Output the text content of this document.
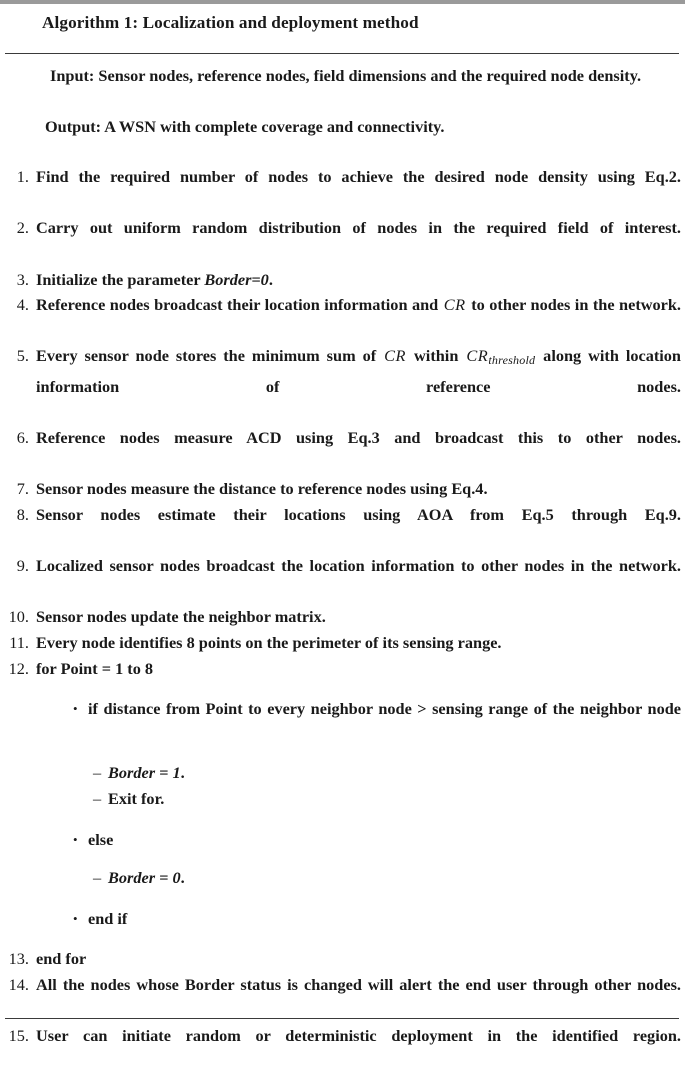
Algorithm 1: Localization and deployment method

Input: Sensor nodes, reference nodes, field dimensions and the required node density.

Output: A WSN with complete coverage and connectivity.

1. Find the required number of nodes to achieve the desired node density using Eq.2.
2. Carry out uniform random distribution of nodes in the required field of interest.
3. Initialize the parameter Border=0.
4. Reference nodes broadcast their location information and CR to other nodes in the network.
5. Every sensor node stores the minimum sum of CR within $CR_{threshold}$ along with location information of reference nodes.
6. Reference nodes measure ACD using Eq.3 and broadcast this to other nodes.
7. Sensor nodes measure the distance to reference nodes using Eq.4.
8. Sensor nodes estimate their locations using AOA from Eq.5 through Eq.9.
9. Localized sensor nodes broadcast the location information to other nodes in the network.
10. Sensor nodes update the neighbor matrix.
11. Every node identifies 8 points on the perimeter of its sensing range.
12. for Point = 1 to 8
• if distance from Point to every neighbor node > sensing range of the neighbor node
– Border = 1.
– Exit for.
• else
– Border = 0.
• end if
13. end for
14. All the nodes whose Border status is changed will alert the end user through other nodes.
15. User can initiate random or deterministic deployment in the identified region.
